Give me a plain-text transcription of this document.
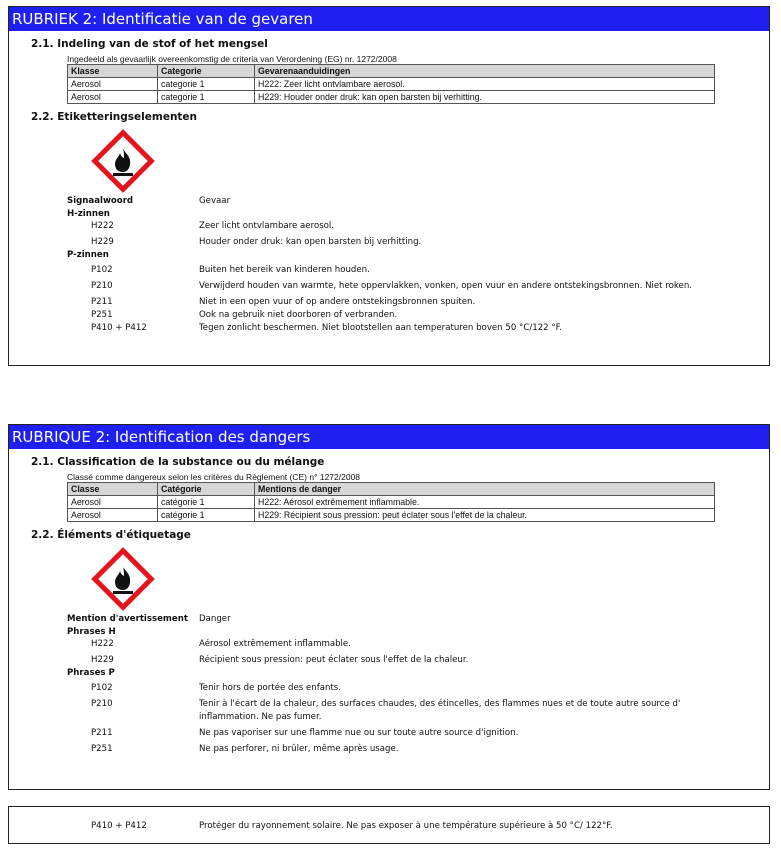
RUBRIEK 2: Identificatie van de gevaren
2.1. Indeling van de stof of het mengsel
Ingedeeld als gevaarlijk overeenkomstig de criteria van Verordening (EG) nr. 1272/2008
Klasse	Categorie	Gevarenaanduidingen
Aerosol	categorie 1	H222: Zeer licht ontvlambare aerosol.
Aerosol	categorie 1	H229: Houder onder druk: kan open barsten bij verhitting.
2.2. Etiketteringselementen
Signaalwoord	Gevaar
H-zinnen
H222	Zeer licht ontvlambare aerosol.
H229	Houder onder druk: kan open barsten bij verhitting.
P-zinnen
P102	Buiten het bereik van kinderen houden.
P210	Verwijderd houden van warmte, hete oppervlakken, vonken, open vuur en andere ontstekingsbronnen. Niet roken.
P211	Niet in een open vuur of op andere ontstekingsbronnen spuiten.
P251	Ook na gebruik niet doorboren of verbranden.
P410 + P412	Tegen zonlicht beschermen. Niet blootstellen aan temperaturen boven 50 °C/122 °F.
RUBRIQUE 2: Identification des dangers
2.1. Classification de la substance ou du mélange
Classé comme dangereux selon les critères du Règlement (CE) n° 1272/2008
Classe	Catégorie	Mentions de danger
Aerosol	catégorie 1	H222: Aérosol extrêmement inflammable.
Aerosol	catégorie 1	H229: Récipient sous pression: peut éclater sous l'effet de la chaleur.
2.2. Éléments d'étiquetage
Mention d'avertissement Danger
Phrases H
H222	Aérosol extrêmement inflammable.
H229	Récipient sous pression: peut éclater sous l'effet de la chaleur.
Phrases P
P102	Tenir hors de portée des enfants.
P210	Tenir à l'écart de la chaleur, des surfaces chaudes, des étincelles, des flammes nues et de toute autre source d' inflammation. Ne pas fumer.
P211	Ne pas vaporiser sur une flamme nue ou sur toute autre source d'ignition.
P251	Ne pas perforer, ni brûler, même après usage.
P410 + P412	Protéger du rayonnement solaire. Ne pas exposer à une température supérieure à 50 °C/ 122°F.
